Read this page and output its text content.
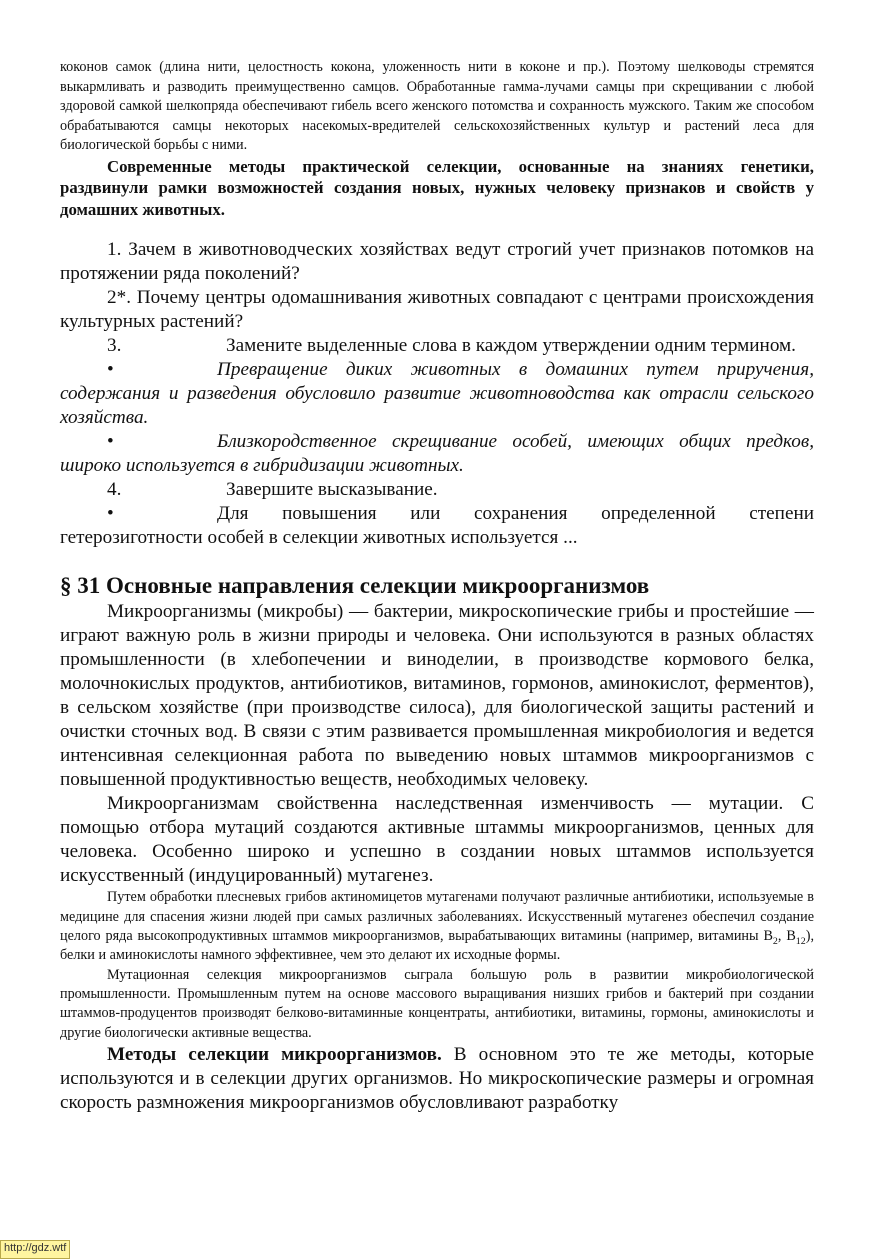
коконов самок (длина нити, целостность кокона, уложенность нити в коконе и пр.). Поэтому шелководы стремятся выкармливать и разводить преимущественно самцов. Обработанные гамма-лучами самцы при скрещивании с любой здоровой самкой шелкопряда обеспечивают гибель всего женского потомства и сохранность мужского. Таким же способом обрабатываются самцы некоторых насекомых-вредителей сельскохозяйственных культур и растений леса для биологической борьбы с ними.

Современные методы практической селекции, основанные на знаниях генетики, раздвинули рамки возможностей создания новых, нужных человеку признаков и свойств у домашних животных.

1. Зачем в животноводческих хозяйствах ведут строгий учет признаков потомков на протяжении ряда поколений?

2*. Почему центры одомашнивания животных совпадают с центрами происхождения культурных растений?

3.	Замените выделенные слова в каждом утверждении одним термином.

•	Превращение диких животных в домашних путем приручения, содержания и разведения обусловило развитие животноводства как отрасли сельского хозяйства.

•	Близкородственное скрещивание особей, имеющих общих предков, широко используется в гибридизации животных.

4.	Завершите высказывание.

•	Для повышения или сохранения определенной степени гетерозиготности особей в селекции животных используется ...

§ 31 Основные направления селекции микроорганизмов

Микроорганизмы (микробы) — бактерии, микроскопические грибы и простейшие — играют важную роль в жизни природы и человека. Они используются в разных областях промышленности (в хлебопечении и виноделии, в производстве кормового белка, молочнокислых продуктов, антибиотиков, витаминов, гормонов, аминокислот, ферментов), в сельском хозяйстве (при производстве силоса), для биологической защиты растений и очистки сточных вод. В связи с этим развивается промышленная микробиология и ведется интенсивная селекционная работа по выведению новых штаммов микроорганизмов с повышенной продуктивностью веществ, необходимых человеку.

Микроорганизмам свойственна наследственная изменчивость — мутации. С помощью отбора мутаций создаются активные штаммы микроорганизмов, ценных для человека. Особенно широко и успешно в создании новых штаммов используется искусственный (индуцированный) мутагенез.

Путем обработки плесневых грибов актиномицетов мутагенами получают различные антибиотики, используемые в медицине для спасения жизни людей при самых различных заболеваниях. Искусственный мутагенез обеспечил создание целого ряда высокопродуктивных штаммов микроорганизмов, вырабатывающих витамины (например, витамины $B_2$, $B_{12}$), белки и аминокислоты намного эффективнее, чем это делают их исходные формы.

Мутационная селекция микроорганизмов сыграла большую роль в развитии микробиологической промышленности. Промышленным путем на основе массового выращивания низших грибов и бактерий при создании штаммов-продуцентов производят белково-витаминные концентраты, антибиотики, витамины, гормоны, аминокислоты и другие биологически активные вещества.

Методы селекции микроорганизмов. В основном это те же методы, которые используются и в селекции других организмов. Но микроскопические размеры и огромная скорость размножения микроорганизмов обусловливают разработку

http://gdz.wtf
